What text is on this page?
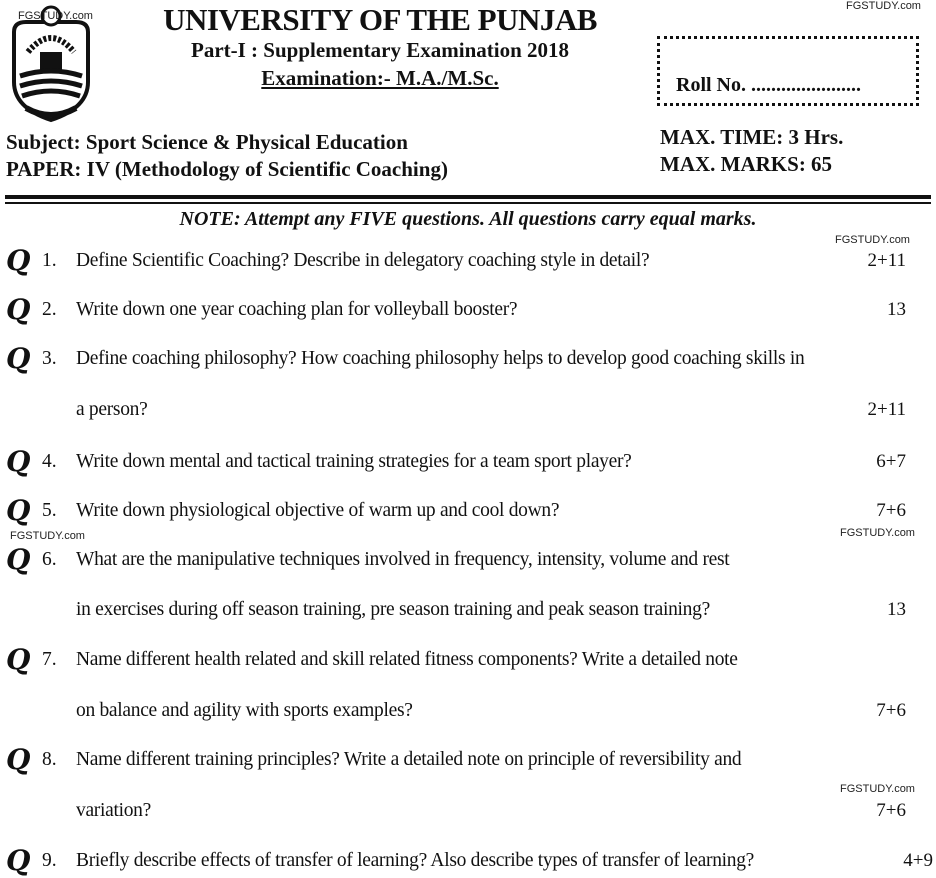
FGSTUDY.com
FGSTUDY.com
UNIVERSITY OF THE PUNJAB
Part-I : Supplementary Examination 2018
Examination:- M.A./M.Sc.	Roll No. ......................
Subject: Sport Science & Physical Education
PAPER: IV (Methodology of Scientific Coaching)
MAX. TIME: 3 Hrs.
MAX. MARKS: 65
NOTE: Attempt any FIVE questions. All questions carry equal marks.
Q 1. Define Scientific Coaching? Describe in delegatory coaching style in detail?	2+11
Q 2. Write down one year coaching plan for volleyball booster?	13
Q 3. Define coaching philosophy? How coaching philosophy helps to develop good coaching skills in
a person?	2+11
Q 4. Write down mental and tactical training strategies for a team sport player?	6+7
Q 5. Write down physiological objective of warm up and cool down?	7+6
Q 6. What are the manipulative techniques involved in frequency, intensity, volume and rest
in exercises during off season training, pre season training and peak season training?	13
Q 7. Name different health related and skill related fitness components? Write a detailed note
on balance and agility with sports examples?	7+6
Q 8. Name different training principles? Write a detailed note on principle of reversibility and
variation?	7+6
Q 9. Briefly describe effects of transfer of learning? Also describe types of transfer of learning?	4+9
FGSTUDY.com	FGSTUDY.com
FGSTUDY.com
FGSTUDY.com
